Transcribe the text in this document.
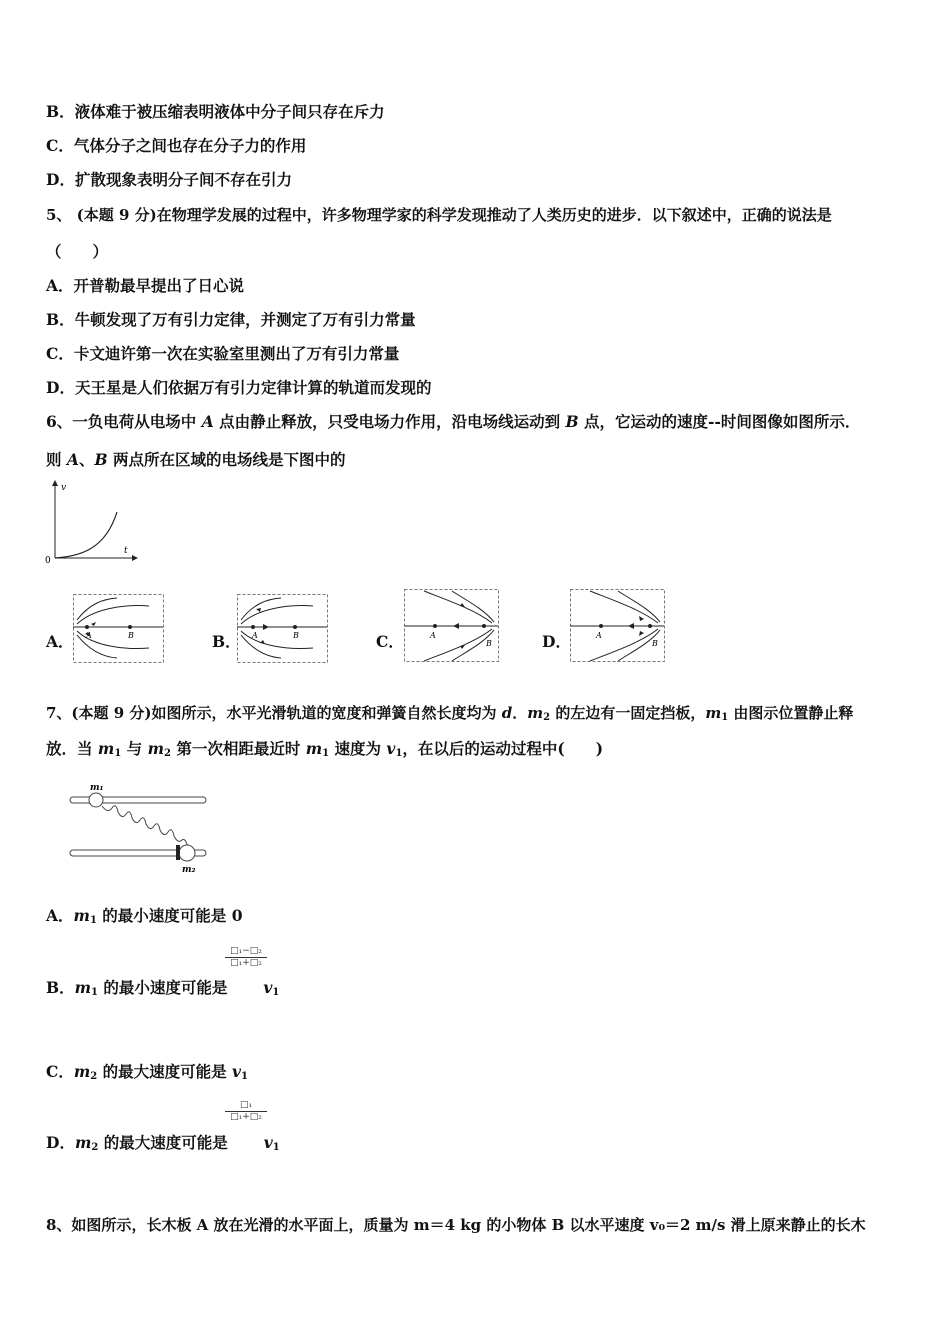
B．液体难于被压缩表明液体中分子间只存在斥力
C．气体分子之间也存在分子力的作用
D．扩散现象表明分子间不存在引力
5、 (本题 9 分)在物理学发展的过程中，许多物理学家的科学发现推动了人类历史的进步．以下叙述中，正确的说法是
（　　）
A．开普勒最早提出了日心说
B．牛顿发现了万有引力定律，并测定了万有引力常量
C．卡文迪许第一次在实验室里测出了万有引力常量
D．天王星是人们依据万有引力定律计算的轨道而发现的
6、一负电荷从电场中 A 点由静止释放，只受电场力作用，沿电场线运动到 B 点，它运动的速度--时间图像如图所示．
则 A、B 两点所在区域的电场线是下图中的
v
t
0
A． A	B	B． A	B	C．	A
B	D．	A
B
7、(本题 9 分)如图所示，水平光滑轨道的宽度和弹簧自然长度均为 d．$m_2$ 的左边有一固定挡板，$m_1$ 由图示位置静止释
放．当 $m_1$ 与 $m_2$ 第一次相距最近时 $m_1$ 速度为 $v_1$，在以后的运动过程中(　　)
m₁
m₂
A．$m_1$ 的最小速度可能是 0
□₁−□₂
□₁+□₂
B．$m_1$ 的最小速度可能是 $v_1$
C．$m_2$ 的最大速度可能是 $v_1$
□₁
□₁+□₂
D．$m_2$ 的最大速度可能是 $v_1$
8、如图所示，长木板 A 放在光滑的水平面上，质量为 m＝4 kg 的小物体 B 以水平速度 v₀＝2 m/s 滑上原来静止的长木
